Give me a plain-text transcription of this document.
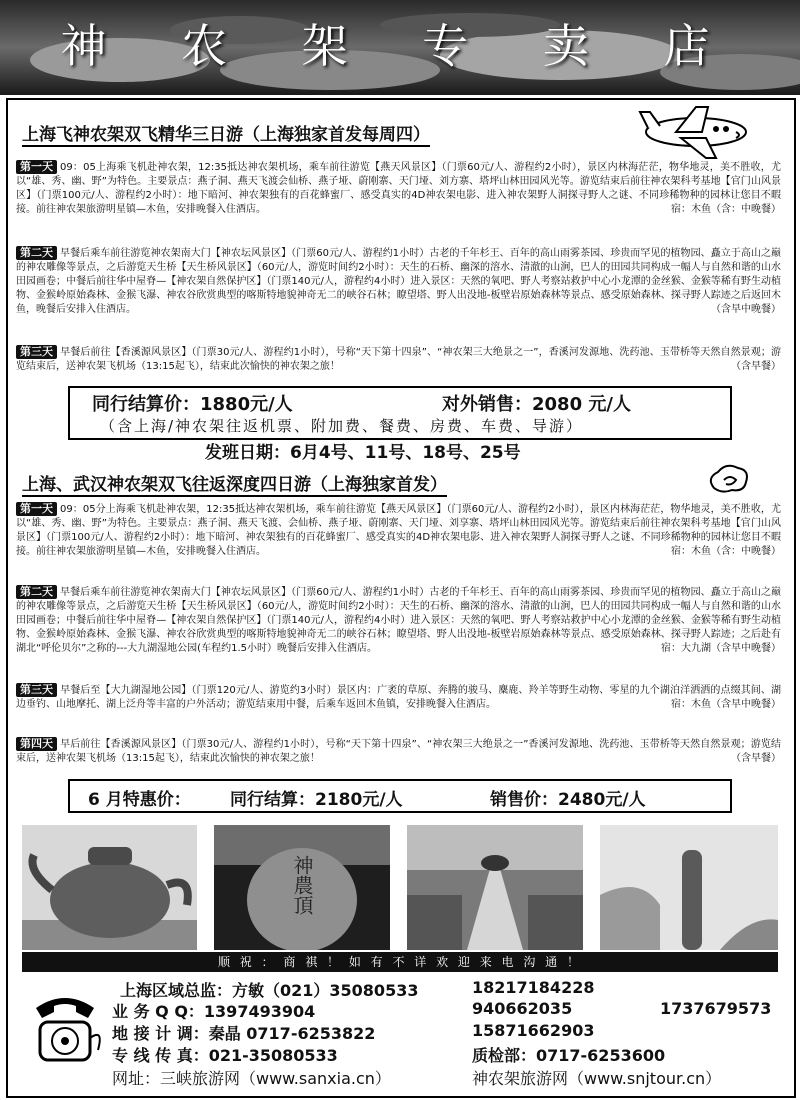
神 农 架 专 卖 店
上海飞神农架双飞精华三日游（上海独家首发每周四）

第一天 09：05上海乘飞机赴神农架，12:35抵达神农架机场，乘车前往游览【燕天风景区】（门票60元/人、游程约2小时），景区内林海茫茫，物华地灵，美不胜收，尤以“雄、秀、幽、野”为特色。主要景点：燕子洞、燕天飞渡会仙桥、燕子垭、蔚刚寨、天门垭、刘方寨、塔坪山林田园风光等。游览结束后前往神农架科考基地【官门山风景区】（门票100元/人、游程约2小时）：地下暗河、神农架独有的百花蜂蜜厂、感受真实的4D神农架电影、进入神农架野人洞探寻野人之谜、不同珍稀物种的园林让您目不暇接。前往神农架旅游明星镇—木鱼，安排晚餐入住酒店。	宿：木鱼（含：中晚餐）

第二天 早餐后乘车前往游览神农架南大门【神农坛风景区】（门票60元/人、游程约1小时）古老的千年杉王、百年的高山雨雾茶园、珍贵而罕见的植物园、矗立于高山之巅的神农雕像等景点，之后游览天生桥【天生桥风景区】（60元/人，游览时间约2小时）：天生的石桥、幽深的溶水、清澈的山涧，巴人的田园共同构成一幅人与自然和谐的山水田园画卷；中餐后前往华中屋脊—【神农架自然保护区】（门票140元/人，游程约4小时）进入景区：天然的氧吧、野人考察站救护中心小龙潭的金丝猴、金猴等稀有野生动植物、金猴岭原始森林、金猴飞瀑、神农谷欣赏典型的喀斯特地貌神奇无二的峡谷石林；瞭望塔、野人出没地-板壁岩原始森林等景点、感受原始森林、探寻野人踪迹之后返回木鱼，晚餐后安排入住酒店。	（含早中晚餐）

第三天 早餐后前往【香溪源风景区】（门票30元/人、游程约1小时），号称“天下第十四泉”、“神农架三大绝景之一”，香溪河发源地、洗药池、玉带桥等天然自然景观；游览结束后，送神农架飞机场（13:15起飞），结束此次愉快的神农架之旅！	（含早餐）

同行结算价：1880元/人	对外销售：2080 元/人
（含上海/神农架往返机票、附加费、餐费、房费、车费、导游）
发班日期：6月4号、11号、18号、25号
上海、武汉神农架双飞往返深度四日游（上海独家首发）

第一天 09：05分上海乘飞机赴神农架，12:35抵达神农架机场，乘车前往游览【燕天风景区】（门票60元/人、游程约2小时），景区内林海茫茫，物华地灵，美不胜收，尤以“雄、秀、幽、野”为特色。主要景点：燕子洞、燕天飞渡、会仙桥、燕子垭、蔚刚寨、天门垭、刘享寨、塔坪山林田园风光等。游览结束后前往神农架科考基地【官门山风景区】（门票100元/人、游程约2小时）：地下暗河、神农架独有的百花蜂蜜厂、感受真实的4D神农架电影、进入神农架野人洞探寻野人之谜、不同珍稀物种的园林让您目不暇接。前往神农架旅游明星镇—木鱼，安排晚餐入住酒店。	宿：木鱼（含：中晚餐）

第二天 早餐后乘车前往游览神农架南大门【神农坛风景区】（门票60元/人、游程约1小时）古老的千年杉王、百年的高山雨雾茶园、珍贵而罕见的植物园、矗立于高山之巅的神农雕像等景点，之后游览天生桥【天生桥风景区】（60元/人，游览时间约2小时）：天生的石桥、幽深的溶水、清澈的山涧，巴人的田园共同构成一幅人与自然和谐的山水田园画卷；中餐后前往华中屋脊—【神农架自然保护区】（门票140元/人，游程约4小时）进入景区：天然的氧吧、野人考察站救护中心小龙潭的金丝猴、金猴等稀有野生动植物、金猴岭原始森林、金猴飞瀑、神农谷欣赏典型的喀斯特地貌神奇无二的峡谷石林；瞭望塔、野人出没地-板壁岩原始森林等景点、感受原始森林、探寻野人踪迹；之后赴有湖北“呼伦贝尔”之称的---大九湖湿地公园(车程约1.5小时）晚餐后安排入住酒店。	宿：大九湖（含早中晚餐）

第三天 早餐后至【大九湖湿地公园】（门票120元/人、游览约3小时）景区内：广袤的草原、奔腾的骏马、麋鹿、羚羊等野生动物、零星的九个湖泊洋洒洒的点缀其间、湖边垂钓、山地摩托、湖上泛舟等丰富的户外活动；游览结束用中餐，后乘车返回木鱼镇，安排晚餐入住酒店。	宿：木鱼（含早中晚餐）

第四天 早后前往【香溪源风景区】（门票30元/人、游程约1小时），号称“天下第十四泉”、“神农架三大绝景之一”香溪河发源地、洗药池、玉带桥等天然自然景观；游览结束后，送神农架飞机场（13:15起飞），结束此次愉快的神农架之旅！	（含早餐）

6 月特惠价： 同行结算：2180元/人	销售价：2480元/人
神農頂
顺 祝 ： 商 祺 ！ 如 有 不 详 欢 迎 来 电 沟 通 ！
上海区域总监：方敏（021）35080533	18217184228
业 务 Q Q：1397493904	940662035	1737679573
地 接 计 调：秦晶 0717-6253822	15871662903
专 线 传 真：021-35080533	质检部：0717-6253600
网址：三峡旅游网（www.sanxia.cn）	神农架旅游网（www.snjtour.cn）
